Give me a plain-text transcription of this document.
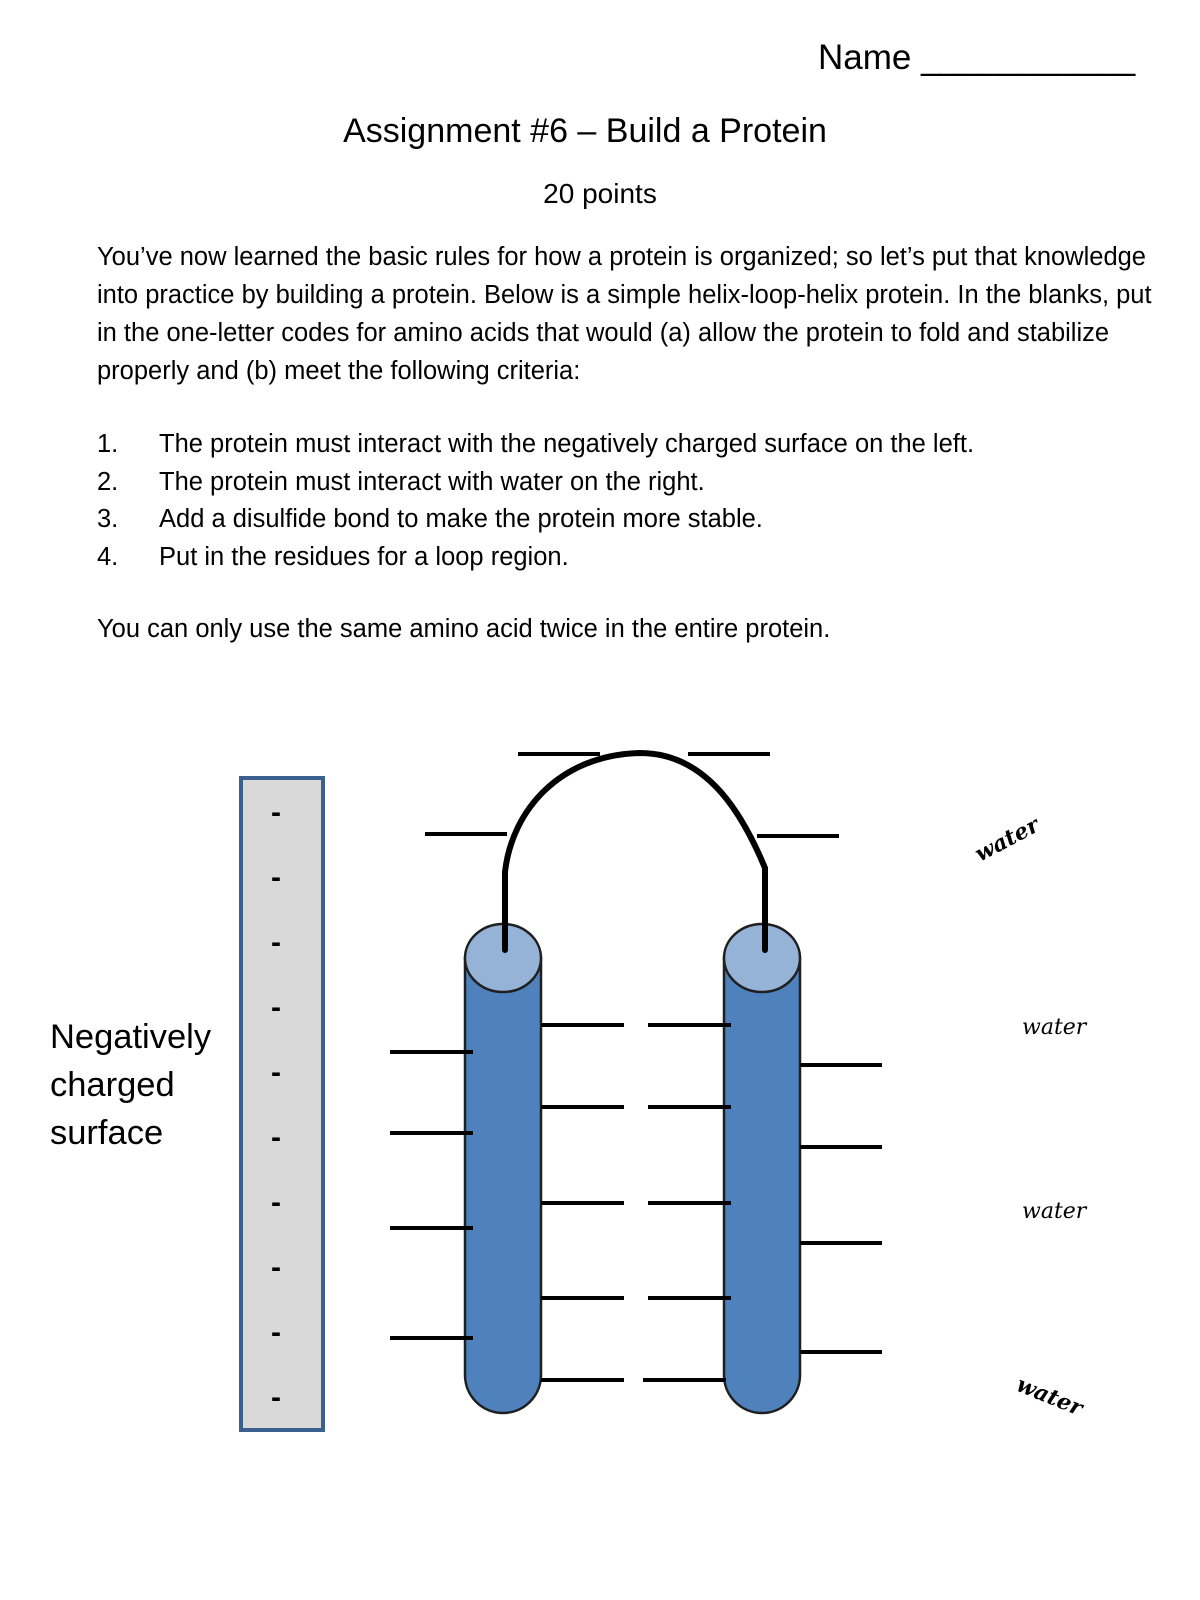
Name ___________
Assignment #6 – Build a Protein
20 points

You’ve now learned the basic rules for how a protein is organized; so let’s put that knowledge into practice by building a protein. Below is a simple helix-loop-helix protein. In the blanks, put in the one-letter codes for amino acids that would (a) allow the protein to fold and stabilize properly and (b) meet the following criteria:

1.	The protein must interact with the negatively charged surface on the left.
2.	The protein must interact with water on the right.
3.	Add a disulfide bond to make the protein more stable.
4.	Put in the residues for a loop region.

You can only use the same amino acid twice in the entire protein.

Negatively
charged
surface
-
-
-
-
-
-
-
-
-
-
water
water
water
water
